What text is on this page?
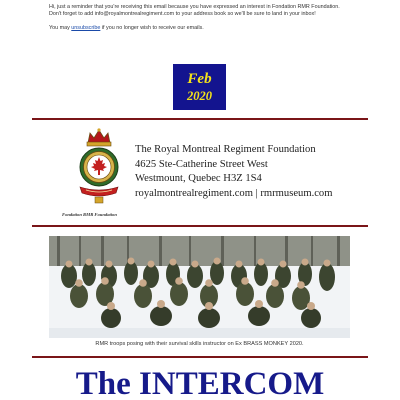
Hi, just a reminder that you're receiving this email because you have expressed an interest in Fondation RMR Foundation. Don't forget to add info@royalmontrealregiment.com to your address book so we'll be sure to land in your inbox!

You may unsubscribe if you no longer wish to receive our emails.

Feb
2020
Fondation RMR Foundation
The Royal Montreal Regiment Foundation
4625 Ste-Catherine Street West
Westmount, Quebec H3Z 1S4
royalmontrealregiment.com | rmrmuseum.com
RMR troops posing with their survival skills instructor on Ex BRASS MONKEY 2020.
The INTERCOM
